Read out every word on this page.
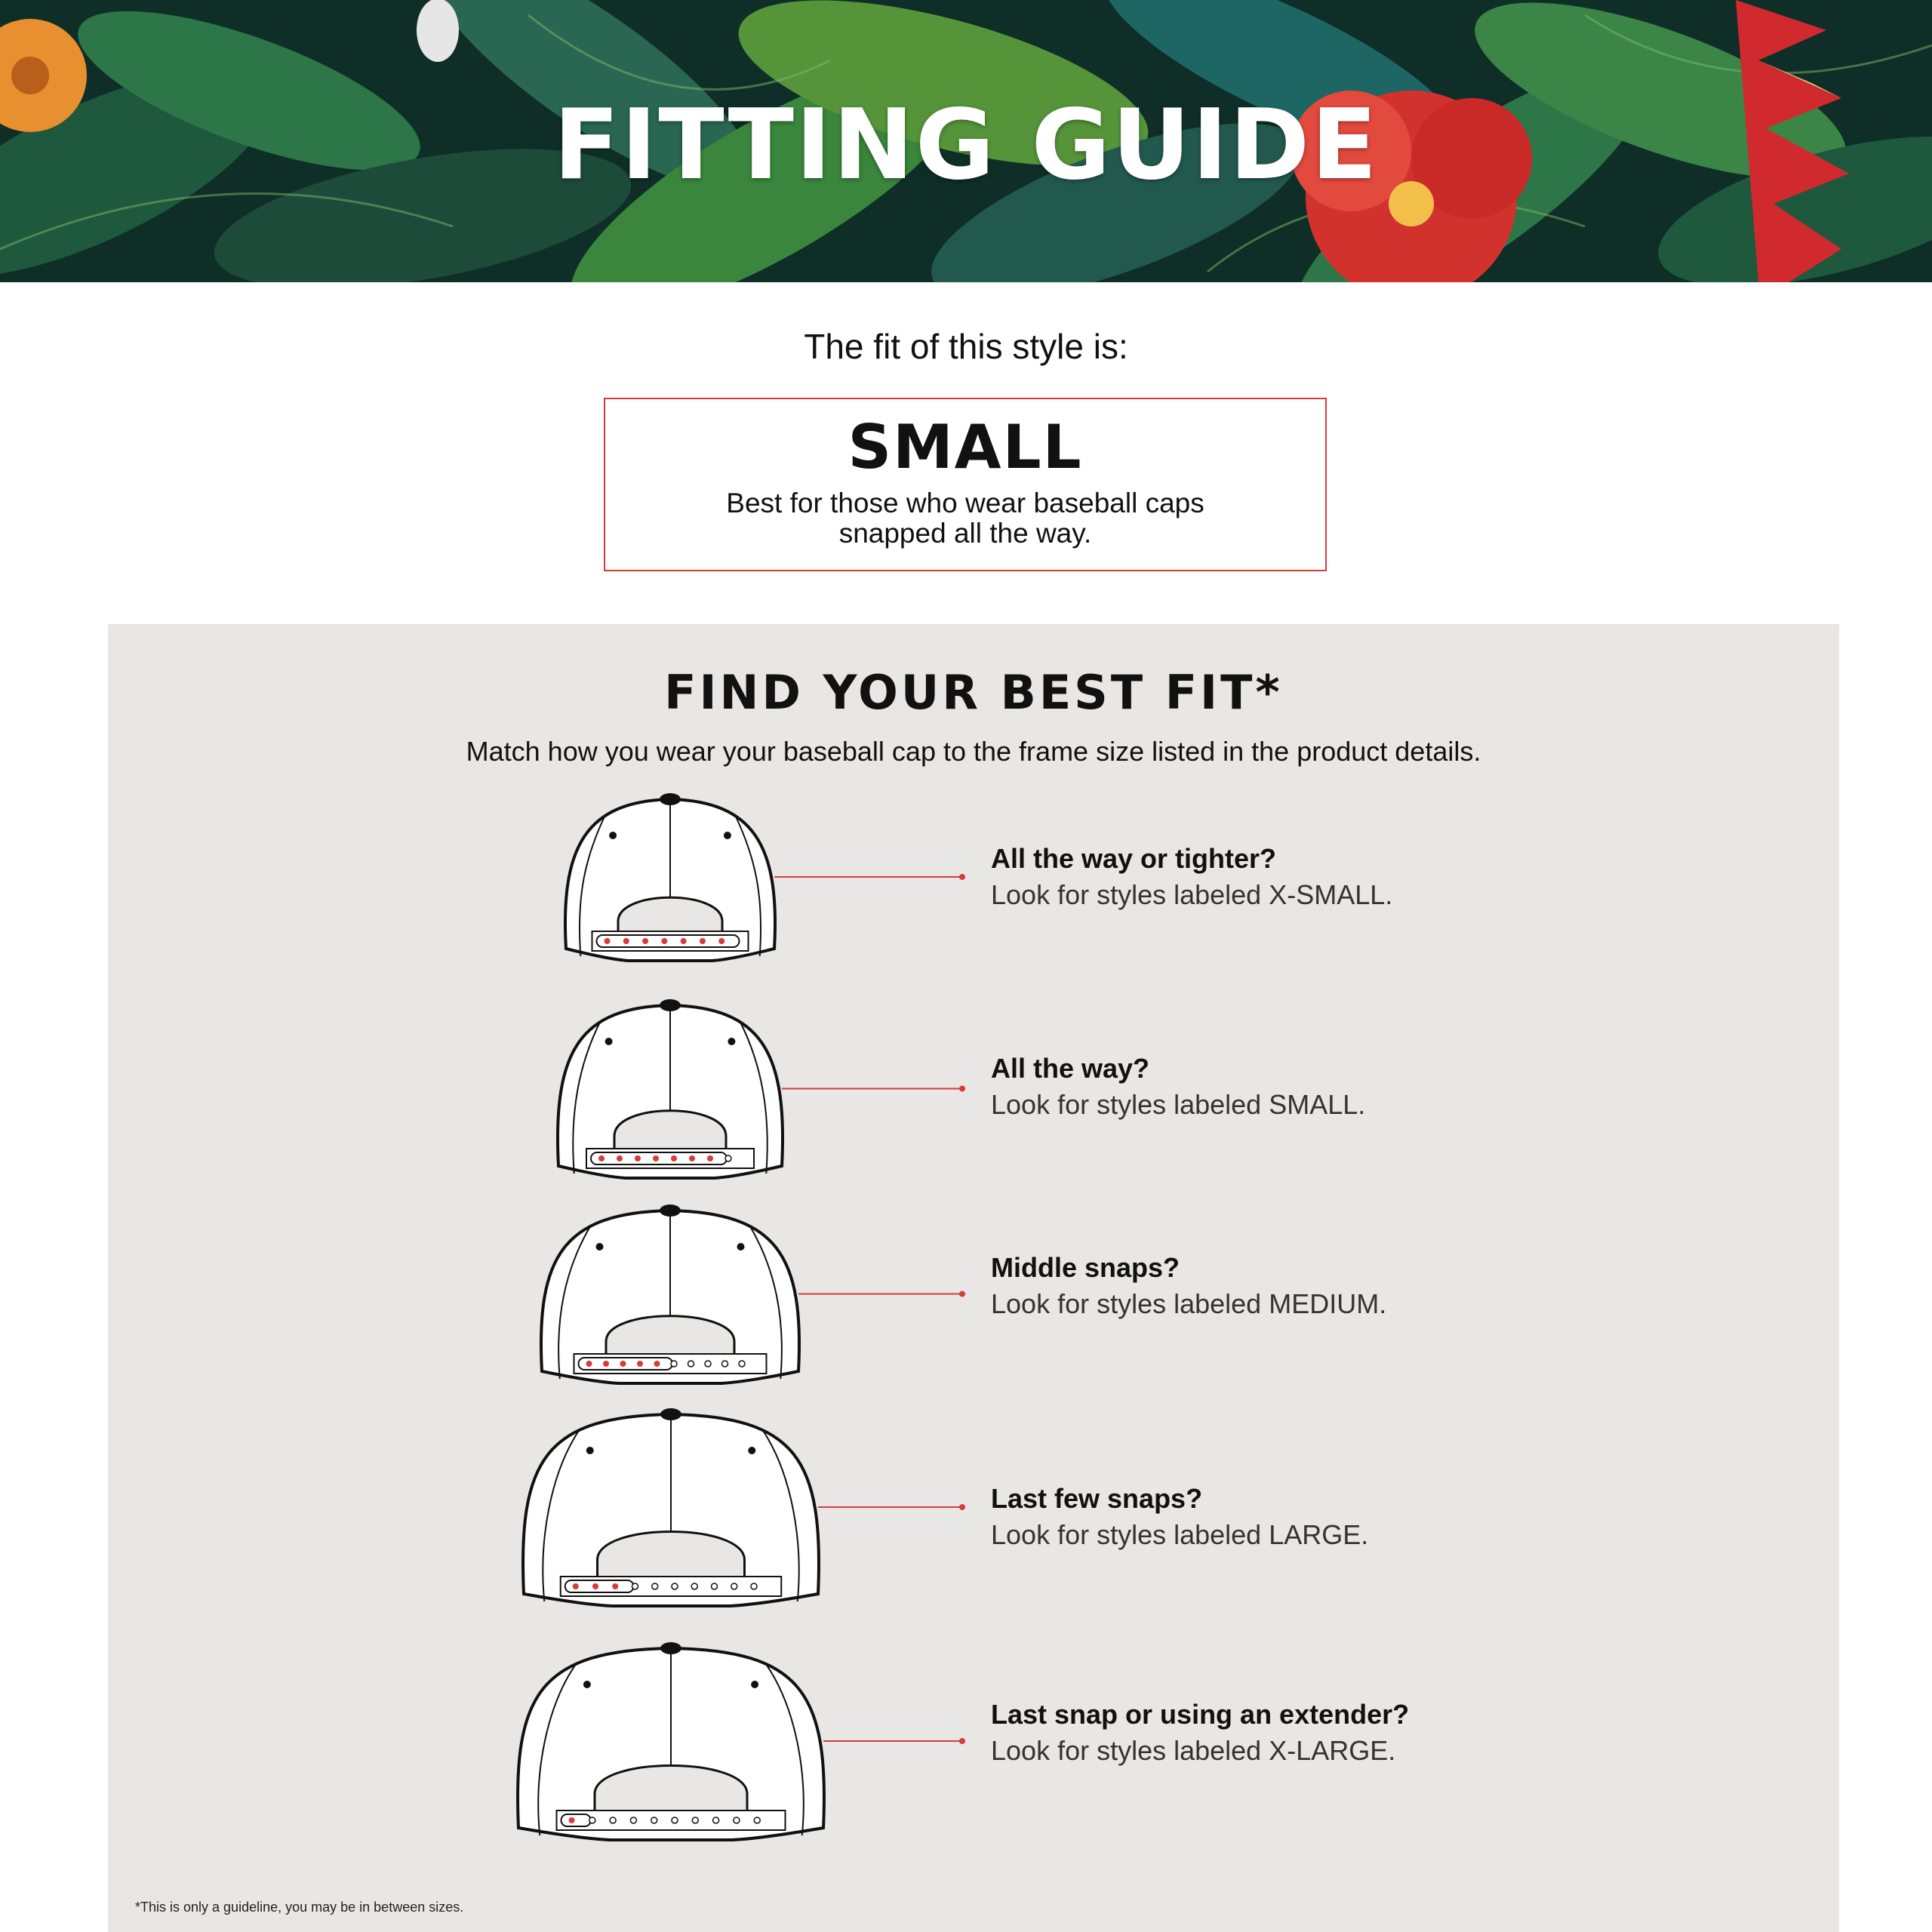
FITTING GUIDE
The fit of this style is:
SMALL
Best for those who wear baseball caps snapped all the way.
FIND YOUR BEST FIT*
Match how you wear your baseball cap to the frame size listed in the product details.
All the way or tighter?
Look for styles labeled X-SMALL.
All the way?
Look for styles labeled SMALL.
Middle snaps?
Look for styles labeled MEDIUM.
Last few snaps?
Look for styles labeled LARGE.
Last snap or using an extender?
Look for styles labeled X-LARGE.
*This is only a guideline, you may be in between sizes.
